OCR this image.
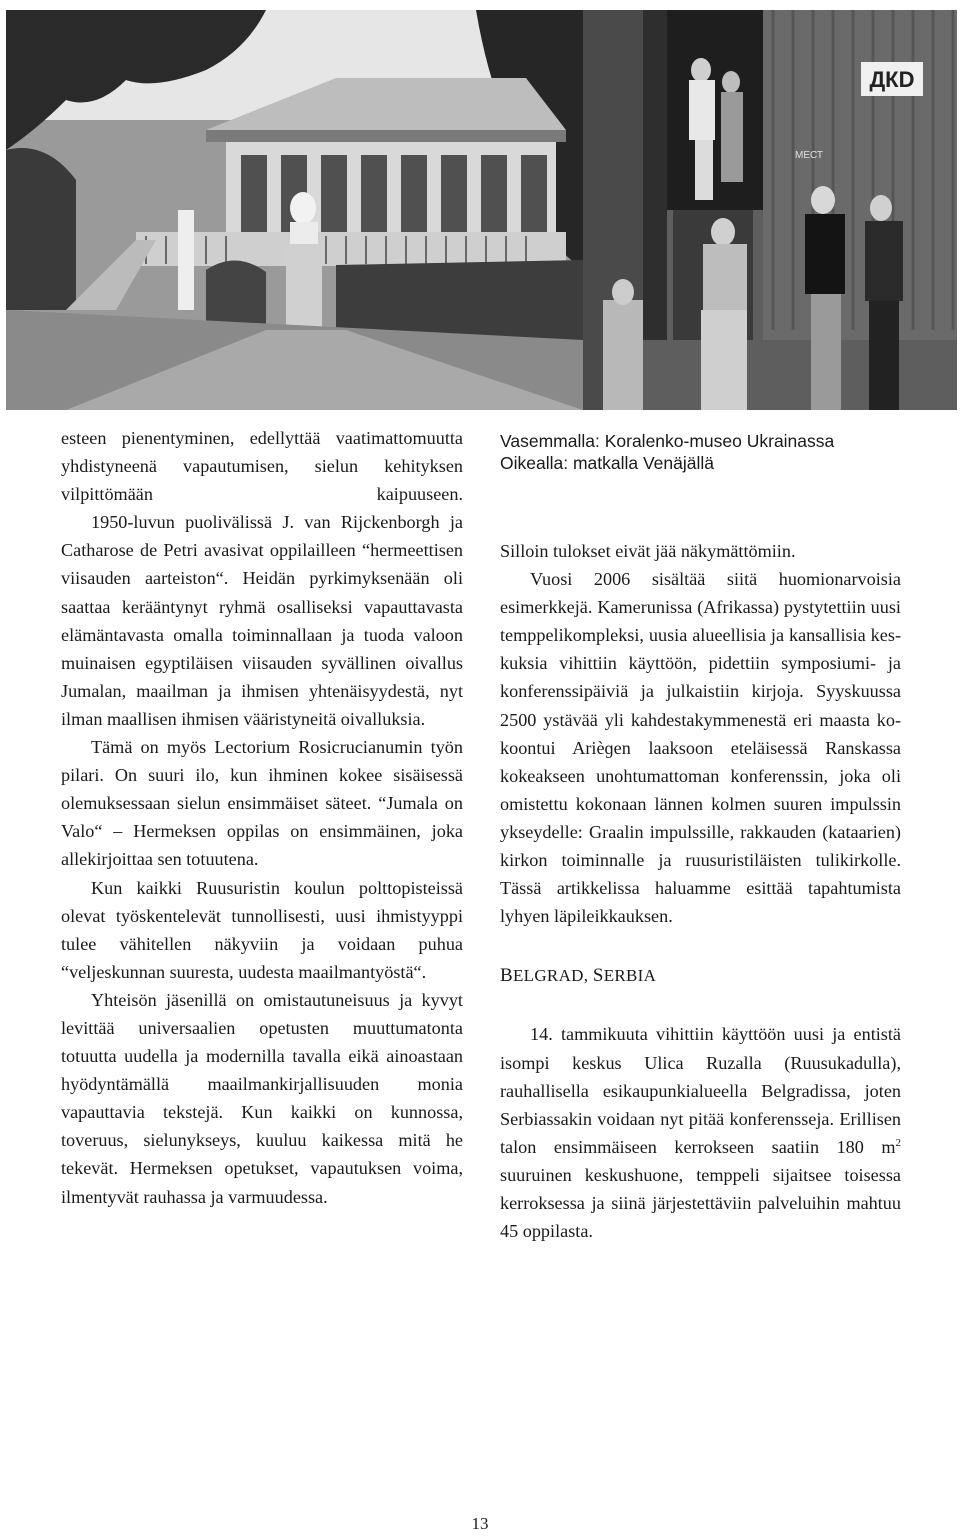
ДКD
МЕСТ

esteen pienentyminen, edellyttää vaatimattomuutta yhdistyneenä vapautumisen, sielun kehityksen vilpittömään kaipuuseen.

1950-luvun puolivälissä J. van Rijckenborgh ja Catharose de Petri avasivat oppilailleen “hermeettisen viisauden aarteiston“. Heidän pyrkimyksenään oli saattaa kerääntynyt ryhmä osalliseksi vapauttavasta elämäntavasta omalla toiminnallaan ja tuoda valoon muinaisen egyptiläisen viisauden syvällinen oivallus Jumalan, maailman ja ihmisen yhtenäisyydestä, nyt ilman maallisen ihmisen vääristyneitä oivalluksia.

Tämä on myös Lectorium Rosicrucianumin työn pilari. On suuri ilo, kun ihminen kokee sisäisessä olemuksessaan sielun ensimmäiset säteet. “Jumala on Valo“ – Hermeksen oppilas on ensimmäinen, joka allekirjoittaa sen totuutena.

Kun kaikki Ruusuristin koulun polttopisteissä olevat työskentelevät tunnollisesti, uusi ihmistyyppi tulee vähitellen näkyviin ja voidaan puhua “veljeskunnan suuresta, uudesta maailmantyöstä“.

Yhteisön jäsenillä on omistautuneisuus ja kyvyt levittää universaalien opetusten muuttumatonta totuutta uudella ja modernilla tavalla eikä ainoastaan hyödyntämällä maailmankirjallisuuden monia vapauttavia tekstejä. Kun kaikki on kunnossa, toveruus, sielunykseys, kuuluu kaikessa mitä he tekevät. Hermeksen opetukset, vapautuksen voima, ilmentyvät rauhassa ja varmuudessa.

Vasemmalla: Koralenko-museo Ukrainassa
Oikealla: matkalla Venäjällä

Silloin tulokset eivät jää näkymättömiin.

Vuosi 2006 sisältää siitä huomionarvoisia esimerkkejä. Kamerunissa (Afrikassa) pystytettiin uusi temppelikompleksi, uusia alueellisia ja kansallisia keskuksia vihittiin käyttöön, pidettiin symposiumi- ja konferenssipäiviä ja julkaistiin kirjoja. Syyskuussa 2500 ystävää yli kahdestakymmenestä eri maasta kokoontui Arièɡen laaksoon eteläisessä Ranskassa kokeakseen unohtumattoman konferenssin, joka oli omistettu kokonaan lännen kolmen suuren impulssin ykseydelle: Graalin impulssille, rakkauden (kataarien) kirkon toiminnalle ja ruusuristiläisten tulikirkolle. Tässä artikkelissa haluamme esittää tapahtumista lyhyen läpileikkauksen.

BELGRAD, SERBIA

14. tammikuuta vihittiin käyttöön uusi ja entistä isompi keskus Ulica Ruzalla (Ruusukadulla), rauhallisella esikaupunkialueella Belgradissa, joten Serbiassakin voidaan nyt pitää konferensseja. Erillisen talon ensimmäiseen kerrokseen saatiin 180 $m^2$ suuruinen keskushuone, temppeli sijaitsee toisessa kerroksessa ja siinä järjestettäviin palveluihin mahtuu 45 oppilasta.

13
